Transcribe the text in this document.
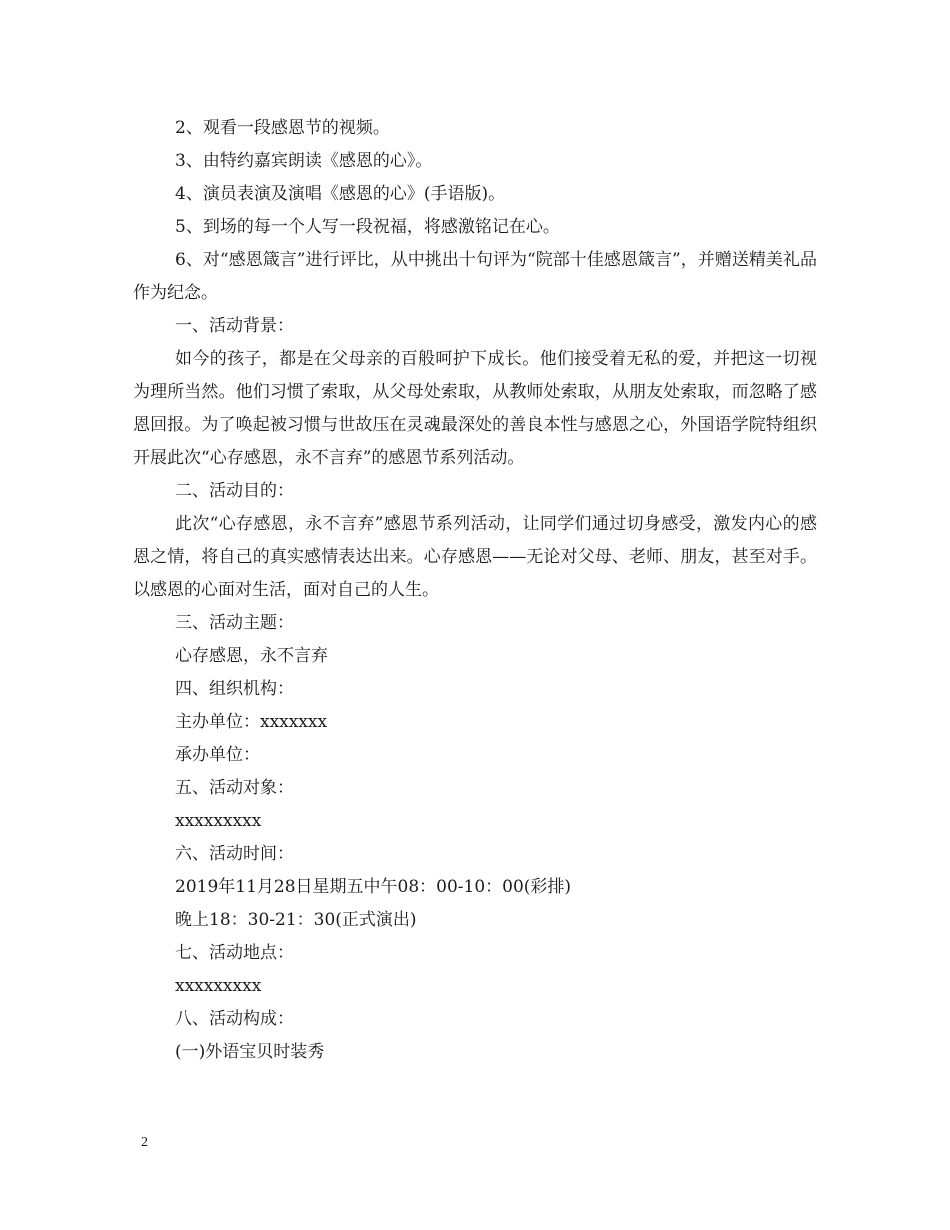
2、观看一段感恩节的视频。

3、由特约嘉宾朗读《感恩的心》。

4、演员表演及演唱《感恩的心》(手语版)。

5、到场的每一个人写一段祝福，将感激铭记在心。

6、对“感恩箴言”进行评比，从中挑出十句评为“院部十佳感恩箴言”，并赠送精美礼品作为纪念。

一、活动背景：

如今的孩子，都是在父母亲的百般呵护下成长。他们接受着无私的爱，并把这一切视为理所当然。他们习惯了索取，从父母处索取，从教师处索取，从朋友处索取，而忽略了感恩回报。为了唤起被习惯与世故压在灵魂最深处的善良本性与感恩之心，外国语学院特组织开展此次“心存感恩，永不言弃”的感恩节系列活动。

二、活动目的：

此次“心存感恩，永不言弃”感恩节系列活动，让同学们通过切身感受，激发内心的感恩之情，将自己的真实感情表达出来。心存感恩——无论对父母、老师、朋友，甚至对手。以感恩的心面对生活，面对自己的人生。

三、活动主题：

心存感恩，永不言弃

四、组织机构：

主办单位：xxxxxxx

承办单位：

五、活动对象：

xxxxxxxxx

六、活动时间：

2019年11月28日星期五中午08：00-10：00(彩排)

晚上18：30-21：30(正式演出)

七、活动地点：

xxxxxxxxx

八、活动构成：

(一)外语宝贝时装秀

2
